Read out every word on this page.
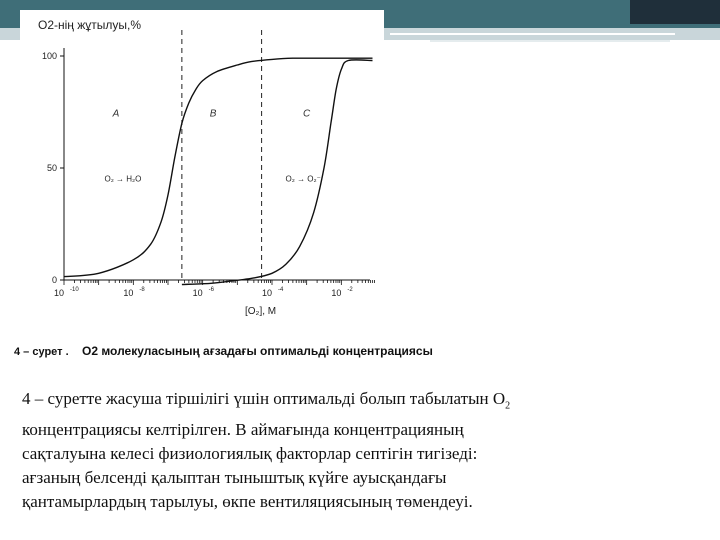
0
50
100
10 -10	10 -8	10 -6	10 -4	10 -2
A	B	C
O₂ → H₂O	O₂ → O₂⁻
О2-нің жұтылуы,%
[О₂], М
4 – сурет . О2 молекуласының ағзадағы оптимальді концентрациясы

4 – суретте жасуша тіршілігі үшін оптимальді болып табылатын $О_2$

концентрациясы келтірілген. В аймағында концентрацияның

сақталуына келесі физиологиялық факторлар септігін тигізеді:

ағзаның белсенді қалыптан тыныштық күйге ауысқандағы

қантамырлардың тарылуы, өкпе вентиляциясының төмендеуі.
